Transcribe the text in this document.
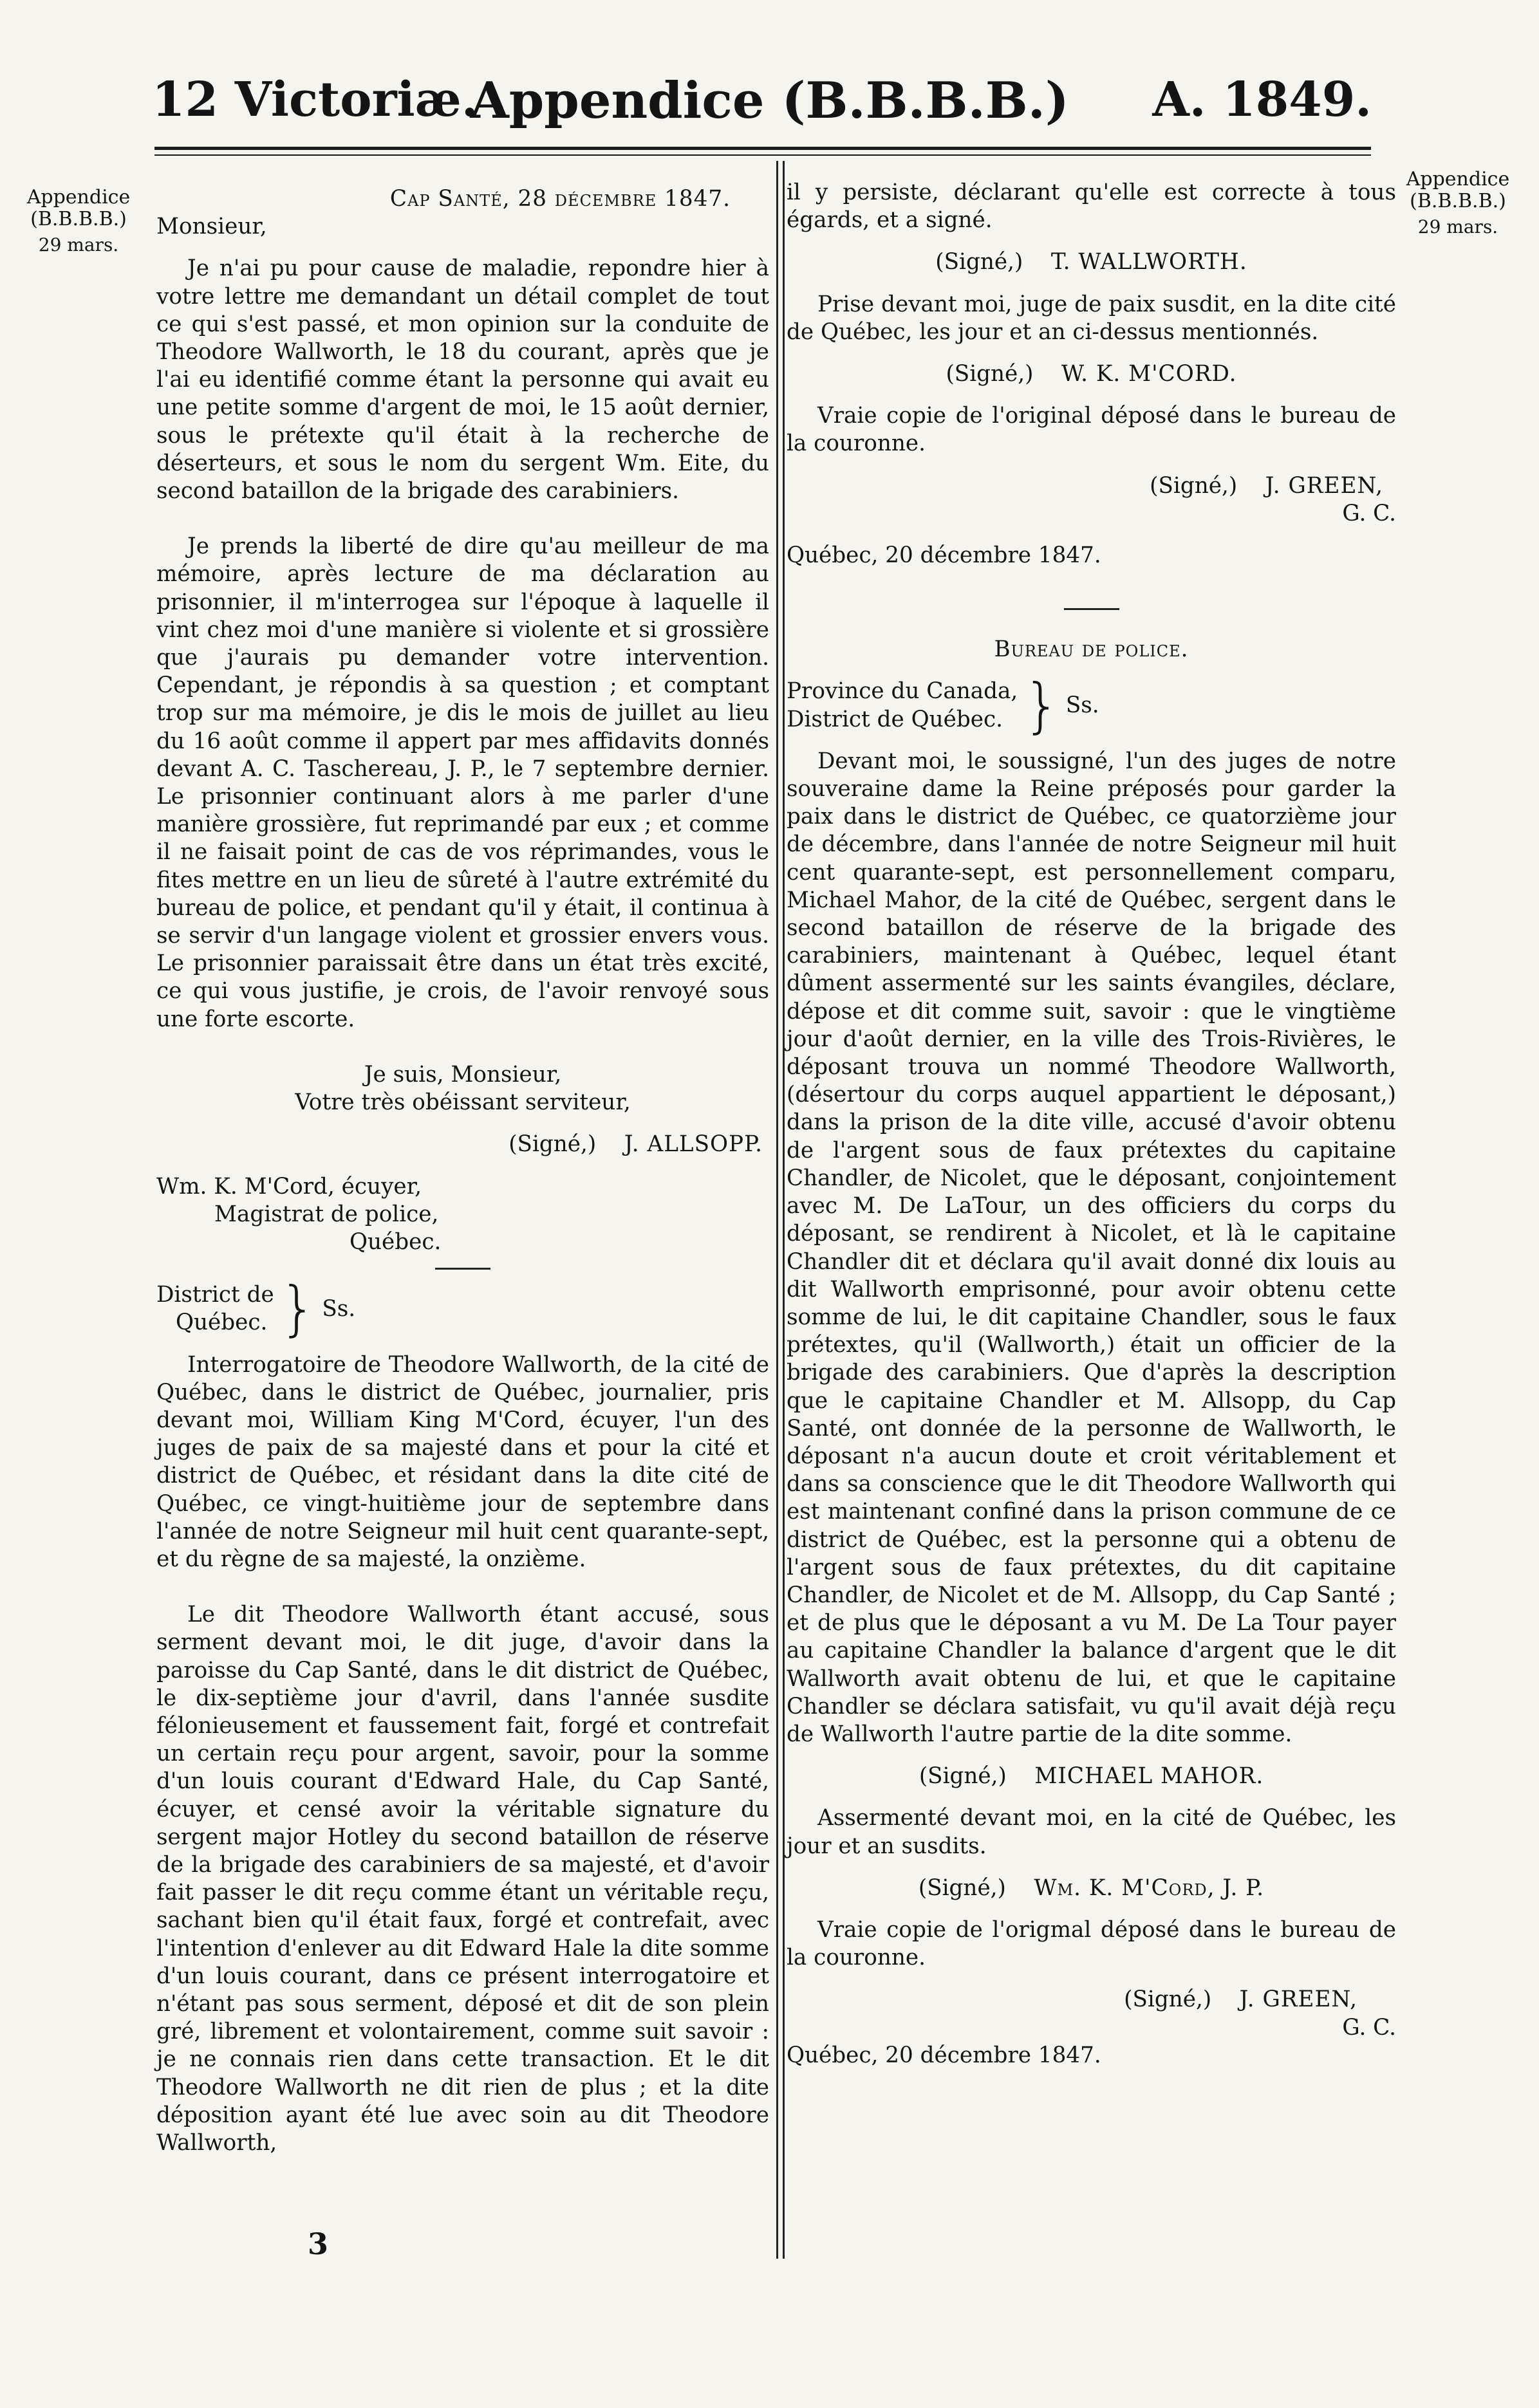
Appendice (B.B.B.B.)
12 Victoriæ.	A. 1849.
Appendice
(B.B.B.B.)
29 mars.
Appendice
(B.B.B.B.)
29 mars.

Cap Santé, 28 décembre 1847.

Monsieur,

Je n'ai pu pour cause de maladie, repondre hier à votre lettre me demandant un détail complet de tout ce qui s'est passé, et mon opinion sur la conduite de Theodore Wallworth, le 18 du courant, après que je l'ai eu identifié comme étant la personne qui avait eu une petite somme d'argent de moi, le 15 août dernier, sous le prétexte qu'il était à la recherche de déserteurs, et sous le nom du sergent Wm. Eite, du second bataillon de la brigade des carabiniers.

Je prends la liberté de dire qu'au meilleur de ma mémoire, après lecture de ma déclaration au prisonnier, il m'interrogea sur l'époque à laquelle il vint chez moi d'une manière si violente et si grossière que j'aurais pu demander votre intervention. Cependant, je répondis à sa question ; et comptant trop sur ma mémoire, je dis le mois de juillet au lieu du 16 août comme il appert par mes affidavits donnés devant A. C. Taschereau, J. P., le 7 septembre dernier. Le prisonnier continuant alors à me parler d'une manière grossière, fut reprimandé par eux ; et comme il ne faisait point de cas de vos réprimandes, vous le fites mettre en un lieu de sûreté à l'autre extrémité du bureau de police, et pendant qu'il y était, il continua à se servir d'un langage violent et grossier envers vous. Le prisonnier paraissait être dans un état très excité, ce qui vous justifie, je crois, de l'avoir renvoyé sous une forte escorte.

Je suis, Monsieur,

Votre très obéissant serviteur,

(Signé,) J. ALLSOPP.

Wm. K. M'Cord, écuyer,

Magistrat de police,

Québec.

District de

Québec. } Ss.

Interrogatoire de Theodore Wallworth, de la cité de Québec, dans le district de Québec, journalier, pris devant moi, William King M'Cord, écuyer, l'un des juges de paix de sa majesté dans et pour la cité et district de Québec, et résidant dans la dite cité de Québec, ce vingt-huitième jour de septembre dans l'année de notre Seigneur mil huit cent quarante-sept, et du règne de sa majesté, la onzième.

Le dit Theodore Wallworth étant accusé, sous serment devant moi, le dit juge, d'avoir dans la paroisse du Cap Santé, dans le dit district de Québec, le dix-septième jour d'avril, dans l'année susdite félonieusement et faussement fait, forgé et contrefait un certain reçu pour argent, savoir, pour la somme d'un louis courant d'Edward Hale, du Cap Santé, écuyer, et censé avoir la véritable signature du sergent major Hotley du second bataillon de réserve de la brigade des carabiniers de sa majesté, et d'avoir fait passer le dit reçu comme étant un véritable reçu, sachant bien qu'il était faux, forgé et contrefait, avec l'intention d'enlever au dit Edward Hale la dite somme d'un louis courant, dans ce présent interrogatoire et n'étant pas sous serment, déposé et dit de son plein gré, librement et volontairement, comme suit savoir : je ne connais rien dans cette transaction. Et le dit Theodore Wallworth ne dit rien de plus ; et la dite déposition ayant été lue avec soin au dit Theodore Wallworth,

il y persiste, déclarant qu'elle est correcte à tous égards, et a signé.

(Signé,) T. WALLWORTH.

Prise devant moi, juge de paix susdit, en la dite cité de Québec, les jour et an ci-dessus mentionnés.

(Signé,) W. K. M'CORD.

Vraie copie de l'original déposé dans le bureau de la couronne.

(Signé,) J. GREEN,

G. C.

Québec, 20 décembre 1847.

Bureau de police.

Province du Canada,

District de Québec. } Ss.

Devant moi, le soussigné, l'un des juges de notre souveraine dame la Reine préposés pour garder la paix dans le district de Québec, ce quatorzième jour de décembre, dans l'année de notre Seigneur mil huit cent quarante-sept, est personnellement comparu, Michael Mahor, de la cité de Québec, sergent dans le second bataillon de réserve de la brigade des carabiniers, maintenant à Québec, lequel étant dûment assermenté sur les saints évangiles, déclare, dépose et dit comme suit, savoir : que le vingtième jour d'août dernier, en la ville des Trois-Rivières, le déposant trouva un nommé Theodore Wallworth, (désertour du corps auquel appartient le déposant,) dans la prison de la dite ville, accusé d'avoir obtenu de l'argent sous de faux prétextes du capitaine Chandler, de Nicolet, que le déposant, conjointement avec M. De LaTour, un des officiers du corps du déposant, se rendirent à Nicolet, et là le capitaine Chandler dit et déclara qu'il avait donné dix louis au dit Wallworth emprisonné, pour avoir obtenu cette somme de lui, le dit capitaine Chandler, sous le faux prétextes, qu'il (Wallworth,) était un officier de la brigade des carabiniers. Que d'après la description que le capitaine Chandler et M. Allsopp, du Cap Santé, ont donnée de la personne de Wallworth, le déposant n'a aucun doute et croit véritablement et dans sa conscience que le dit Theodore Wallworth qui est maintenant confiné dans la prison commune de ce district de Québec, est la personne qui a obtenu de l'argent sous de faux prétextes, du dit capitaine Chandler, de Nicolet et de M. Allsopp, du Cap Santé ; et de plus que le déposant a vu M. De La Tour payer au capitaine Chandler la balance d'argent que le dit Wallworth avait obtenu de lui, et que le capitaine Chandler se déclara satisfait, vu qu'il avait déjà reçu de Wallworth l'autre partie de la dite somme.

(Signé,) MICHAEL MAHOR.

Assermenté devant moi, en la cité de Québec, les jour et an susdits.

(Signé,) Wm. K. M'Cord, J. P.

Vraie copie de l'origmal déposé dans le bureau de la couronne.

(Signé,) J. GREEN,

G. C.

Québec, 20 décembre 1847.

3
